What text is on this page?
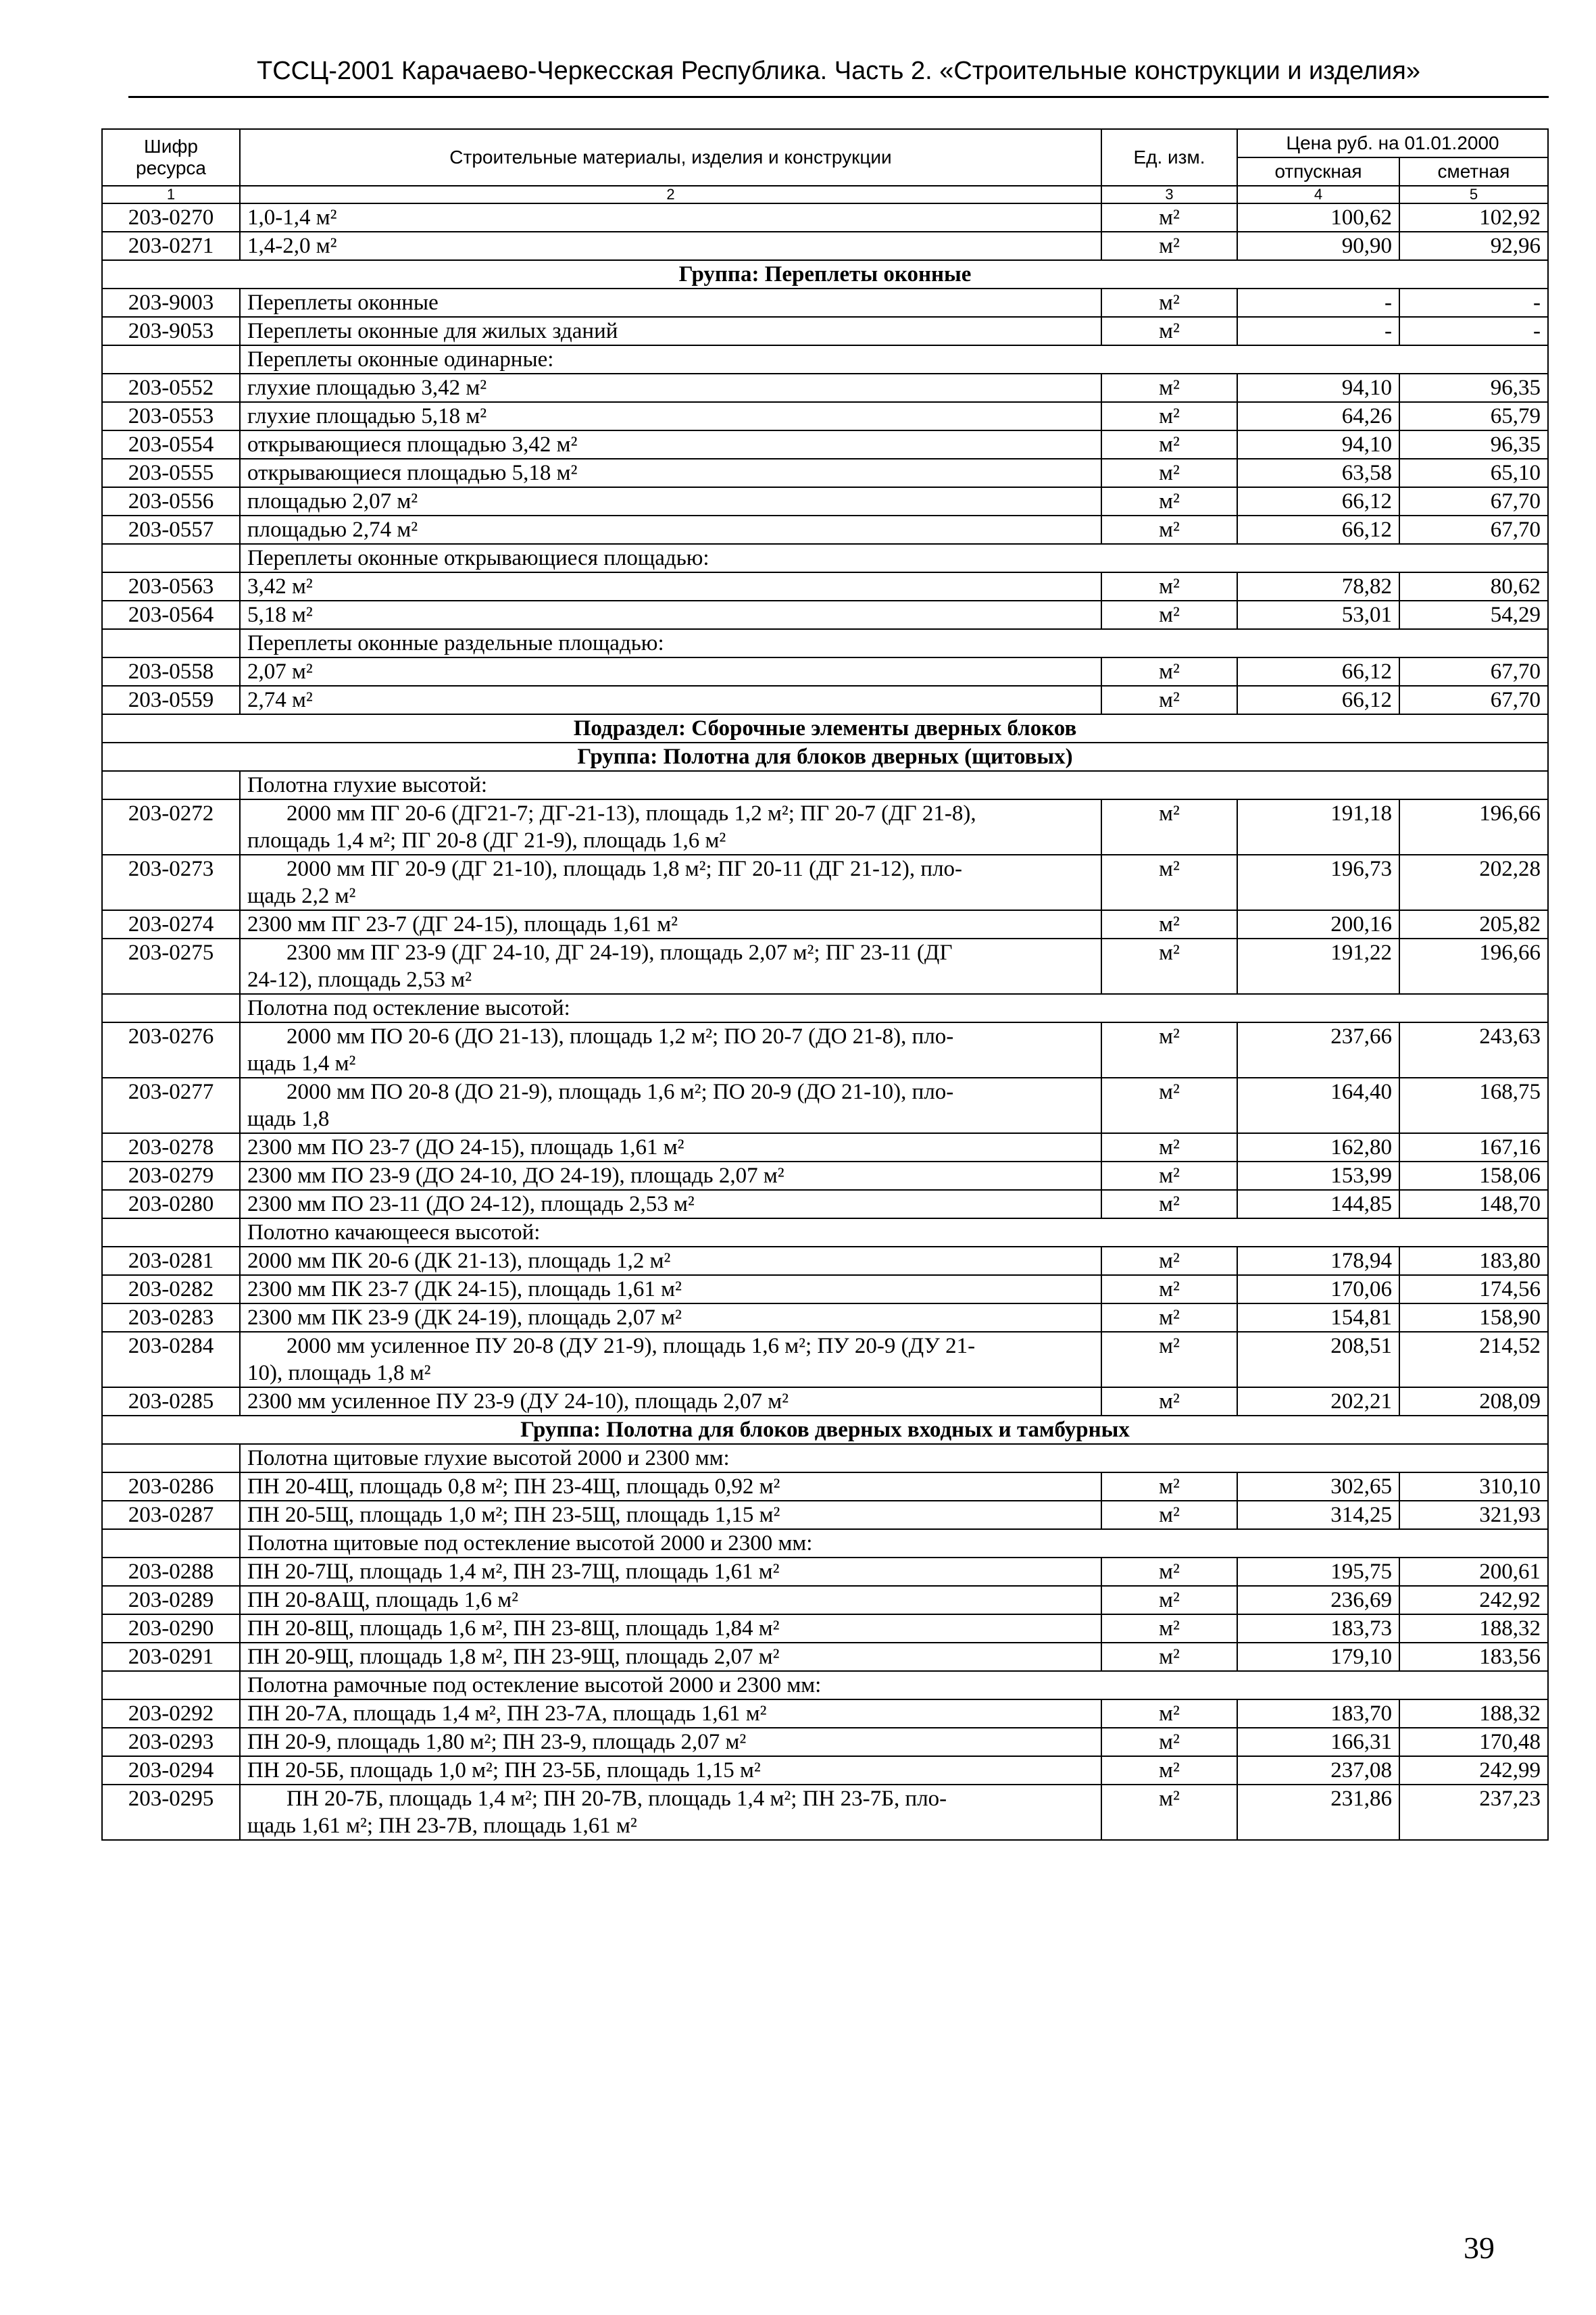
ТССЦ-2001 Карачаево-Черкесская Республика. Часть 2. «Строительные конструкции и изделия»
Шифр ресурса	Строительные материалы, изделия и конструкции	Ед. изм.	Цена руб. на 01.01.2000	
			отпускная	сметная
1	2	3	4	5
203-0270	1,0-1,4 м²	м²	100,62	102,92
203-0271	1,4-2,0 м²	м²	90,90	92,96
Группа: Переплеты оконные				
203-9003	Переплеты оконные	м²	-	-
203-9053	Переплеты оконные для жилых зданий	м²	-	-
	Переплеты оконные одинарные:			
203-0552	глухие площадью 3,42 м²	м²	94,10	96,35
203-0553	глухие площадью 5,18 м²	м²	64,26	65,79
203-0554	открывающиеся площадью 3,42 м²	м²	94,10	96,35
203-0555	открывающиеся площадью 5,18 м²	м²	63,58	65,10
203-0556	площадью 2,07 м²	м²	66,12	67,70
203-0557	площадью 2,74 м²	м²	66,12	67,70
	Переплеты оконные открывающиеся площадью:			
203-0563	3,42 м²	м²	78,82	80,62
203-0564	5,18 м²	м²	53,01	54,29
	Переплеты оконные раздельные площадью:			
203-0558	2,07 м²	м²	66,12	67,70
203-0559	2,74 м²	м²	66,12	67,70
Подраздел: Сборочные элементы дверных блоков				
Группа: Полотна для блоков дверных (щитовых)				
	Полотна глухие высотой:			
203-0272	2000 мм ПГ 20-6 (ДГ21-7; ДГ-21-13), площадь 1,2 м²; ПГ 20-7 (ДГ 21-8),
площадь 1,4 м²; ПГ 20-8 (ДГ 21-9), площадь 1,6 м²	м²	191,18	196,66
203-0273	2000 мм ПГ 20-9 (ДГ 21-10), площадь 1,8 м²; ПГ 20-11 (ДГ 21-12), пло-
щадь 2,2 м²	м²	196,73	202,28
203-0274	2300 мм ПГ 23-7 (ДГ 24-15), площадь 1,61 м²	м²	200,16	205,82
203-0275	2300 мм ПГ 23-9 (ДГ 24-10, ДГ 24-19), площадь 2,07 м²; ПГ 23-11 (ДГ
24-12), площадь 2,53 м²	м²	191,22	196,66
	Полотна под остекление высотой:			
203-0276	2000 мм ПО 20-6 (ДО 21-13), площадь 1,2 м²; ПО 20-7 (ДО 21-8), пло-
щадь 1,4 м²	м²	237,66	243,63
203-0277	2000 мм ПО 20-8 (ДО 21-9), площадь 1,6 м²; ПО 20-9 (ДО 21-10), пло-
щадь 1,8	м²	164,40	168,75
203-0278	2300 мм ПО 23-7 (ДО 24-15), площадь 1,61 м²	м²	162,80	167,16
203-0279	2300 мм ПО 23-9 (ДО 24-10, ДО 24-19), площадь 2,07 м²	м²	153,99	158,06
203-0280	2300 мм ПО 23-11 (ДО 24-12), площадь 2,53 м²	м²	144,85	148,70
	Полотно качающееся высотой:			
203-0281	2000 мм ПК 20-6 (ДК 21-13), площадь 1,2 м²	м²	178,94	183,80
203-0282	2300 мм ПК 23-7 (ДК 24-15), площадь 1,61 м²	м²	170,06	174,56
203-0283	2300 мм ПК 23-9 (ДК 24-19), площадь 2,07 м²	м²	154,81	158,90
203-0284	2000 мм усиленное ПУ 20-8 (ДУ 21-9), площадь 1,6 м²; ПУ 20-9 (ДУ 21-
10), площадь 1,8 м²	м²	208,51	214,52
203-0285	2300 мм усиленное ПУ 23-9 (ДУ 24-10), площадь 2,07 м²	м²	202,21	208,09
Группа: Полотна для блоков дверных входных и тамбурных				
	Полотна щитовые глухие высотой 2000 и 2300 мм:			
203-0286	ПН 20-4Щ, площадь 0,8 м²; ПН 23-4Щ, площадь 0,92 м²	м²	302,65	310,10
203-0287	ПН 20-5Щ, площадь 1,0 м²; ПН 23-5Щ, площадь 1,15 м²	м²	314,25	321,93
	Полотна щитовые под остекление высотой 2000 и 2300 мм:			
203-0288	ПН 20-7Щ, площадь 1,4 м², ПН 23-7Щ, площадь 1,61 м²	м²	195,75	200,61
203-0289	ПН 20-8АЩ, площадь 1,6 м²	м²	236,69	242,92
203-0290	ПН 20-8Щ, площадь 1,6 м², ПН 23-8Щ, площадь 1,84 м²	м²	183,73	188,32
203-0291	ПН 20-9Щ, площадь 1,8 м², ПН 23-9Щ, площадь 2,07 м²	м²	179,10	183,56
	Полотна рамочные под остекление высотой 2000 и 2300 мм:			
203-0292	ПН 20-7А, площадь 1,4 м², ПН 23-7А, площадь 1,61 м²	м²	183,70	188,32
203-0293	ПН 20-9, площадь 1,80 м²; ПН 23-9, площадь 2,07 м²	м²	166,31	170,48
203-0294	ПН 20-5Б, площадь 1,0 м²; ПН 23-5Б, площадь 1,15 м²	м²	237,08	242,99
203-0295	ПН 20-7Б, площадь 1,4 м²; ПН 20-7В, площадь 1,4 м²; ПН 23-7Б, пло-
щадь 1,61 м²; ПН 23-7В, площадь 1,61 м²	м²	231,86	237,23
39
